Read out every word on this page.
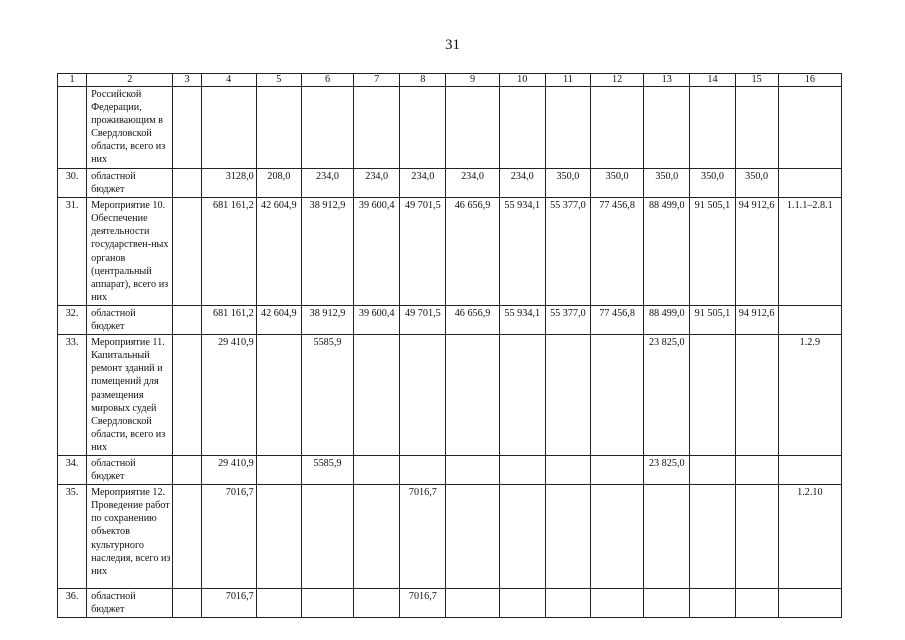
31
1	2	3	4	5	6	7	8	9	10	11	12	13	14	15	16
	Российской Федерации, проживающим в Свердловской области, всего из них														
30.	областной бюджет		3128,0	208,0	234,0	234,0	234,0	234,0	234,0	350,0	350,0	350,0	350,0	350,0	
31.	Мероприятие 10. Обеспечение деятельности государствен-ных органов (центральный аппарат), всего из них		681 161,2	42 604,9	38 912,9	39 600,4	49 701,5	46 656,9	55 934,1	55 377,0	77 456,8	88 499,0	91 505,1	94 912,6	1.1.1–2.8.1
32.	областной бюджет		681 161,2	42 604,9	38 912,9	39 600,4	49 701,5	46 656,9	55 934,1	55 377,0	77 456,8	88 499,0	91 505,1	94 912,6	
33.	Мероприятие 11. Капитальный ремонт зданий и помещений для размещения мировых судей Свердловской области, всего из них		29 410,9		5585,9							23 825,0			1.2.9
34.	областной бюджет		29 410,9		5585,9							23 825,0			
35.	Мероприятие 12. Проведение работ по сохранению объектов культурного наследия, всего из них		7016,7				7016,7								1.2.10
36.	областной бюджет		7016,7				7016,7								
